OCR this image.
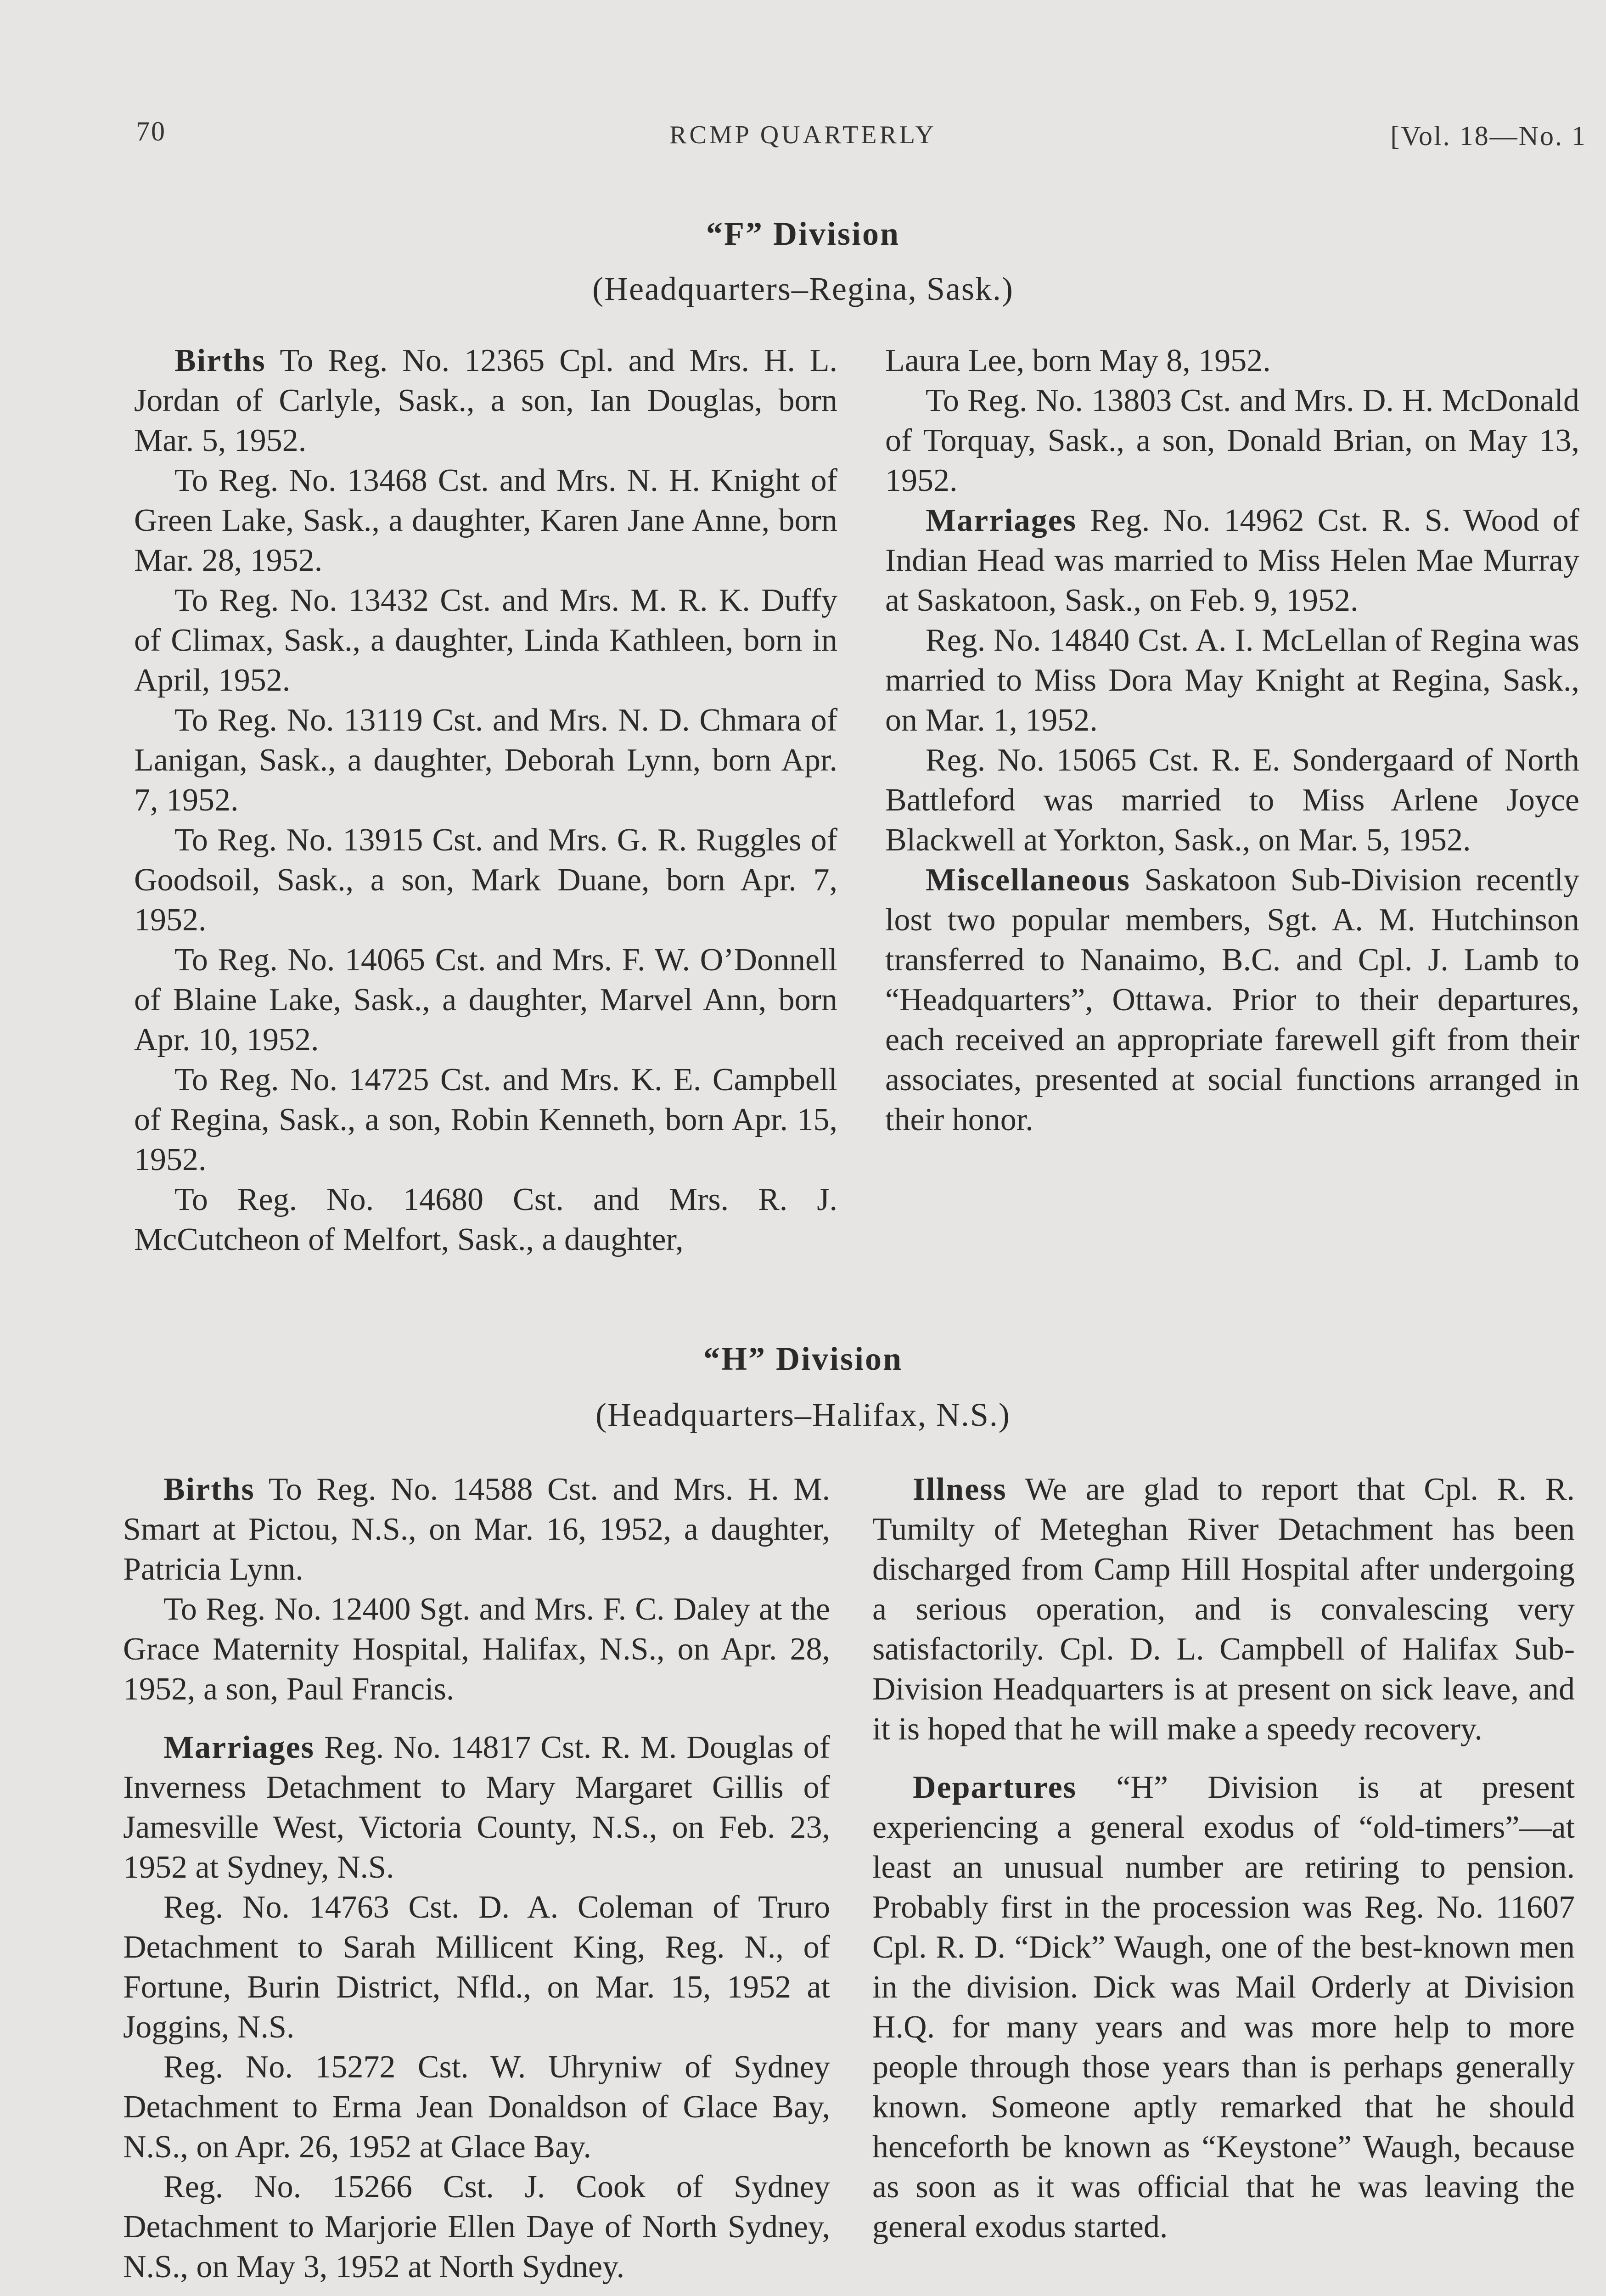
70	RCMP QUARTERLY	[Vol. 18—No. 1
“F” Division
(Headquarters–Regina, Sask.)

Births To Reg. No. 12365 Cpl. and Mrs. H. L. Jordan of Carlyle, Sask., a son, Ian Douglas, born Mar. 5, 1952.

To Reg. No. 13468 Cst. and Mrs. N. H. Knight of Green Lake, Sask., a daughter, Karen Jane Anne, born Mar. 28, 1952.

To Reg. No. 13432 Cst. and Mrs. M. R. K. Duffy of Climax, Sask., a daughter, Linda Kathleen, born in April, 1952.

To Reg. No. 13119 Cst. and Mrs. N. D. Chmara of Lanigan, Sask., a daughter, Deborah Lynn, born Apr. 7, 1952.

To Reg. No. 13915 Cst. and Mrs. G. R. Ruggles of Goodsoil, Sask., a son, Mark Duane, born Apr. 7, 1952.

To Reg. No. 14065 Cst. and Mrs. F. W. O’Donnell of Blaine Lake, Sask., a daughter, Marvel Ann, born Apr. 10, 1952.

To Reg. No. 14725 Cst. and Mrs. K. E. Campbell of Regina, Sask., a son, Robin Kenneth, born Apr. 15, 1952.

To Reg. No. 14680 Cst. and Mrs. R. J. McCutcheon of Melfort, Sask., a daughter,

Laura Lee, born May 8, 1952.

To Reg. No. 13803 Cst. and Mrs. D. H. McDonald of Torquay, Sask., a son, Donald Brian, on May 13, 1952.

Marriages Reg. No. 14962 Cst. R. S. Wood of Indian Head was married to Miss Helen Mae Murray at Saskatoon, Sask., on Feb. 9, 1952.

Reg. No. 14840 Cst. A. I. McLellan of Regina was married to Miss Dora May Knight at Regina, Sask., on Mar. 1, 1952.

Reg. No. 15065 Cst. R. E. Sondergaard of North Battleford was married to Miss Arlene Joyce Blackwell at Yorkton, Sask., on Mar. 5, 1952.

Miscellaneous Saskatoon Sub-Division recently lost two popular members, Sgt. A. M. Hutchinson transferred to Nanaimo, B.C. and Cpl. J. Lamb to “Headquarters”, Ottawa. Prior to their departures, each received an appropriate farewell gift from their associates, presented at social functions arranged in their honor.

“H” Division
(Headquarters–Halifax, N.S.)

Births To Reg. No. 14588 Cst. and Mrs. H. M. Smart at Pictou, N.S., on Mar. 16, 1952, a daughter, Patricia Lynn.

To Reg. No. 12400 Sgt. and Mrs. F. C. Daley at the Grace Maternity Hospital, Halifax, N.S., on Apr. 28, 1952, a son, Paul Francis.

Marriages Reg. No. 14817 Cst. R. M. Douglas of Inverness Detachment to Mary Margaret Gillis of Jamesville West, Victoria County, N.S., on Feb. 23, 1952 at Sydney, N.S.

Reg. No. 14763 Cst. D. A. Coleman of Truro Detachment to Sarah Millicent King, Reg. N., of Fortune, Burin District, Nfld., on Mar. 15, 1952 at Joggins, N.S.

Reg. No. 15272 Cst. W. Uhryniw of Sydney Detachment to Erma Jean Donaldson of Glace Bay, N.S., on Apr. 26, 1952 at Glace Bay.

Reg. No. 15266 Cst. J. Cook of Sydney Detachment to Marjorie Ellen Daye of North Sydney, N.S., on May 3, 1952 at North Sydney.

Illness We are glad to report that Cpl. R. R. Tumilty of Meteghan River Detachment has been discharged from Camp Hill Hospital after undergoing a serious operation, and is convalescing very satisfactorily. Cpl. D. L. Campbell of Halifax Sub-Division Headquarters is at present on sick leave, and it is hoped that he will make a speedy recovery.

Departures “H” Division is at present experiencing a general exodus of “old-timers”—at least an unusual number are retiring to pension. Probably first in the procession was Reg. No. 11607 Cpl. R. D. “Dick” Waugh, one of the best-known men in the division. Dick was Mail Orderly at Division H.Q. for many years and was more help to more people through those years than is perhaps generally known. Someone aptly remarked that he should henceforth be known as “Keystone” Waugh, because as soon as it was official that he was leaving the general exodus started.
